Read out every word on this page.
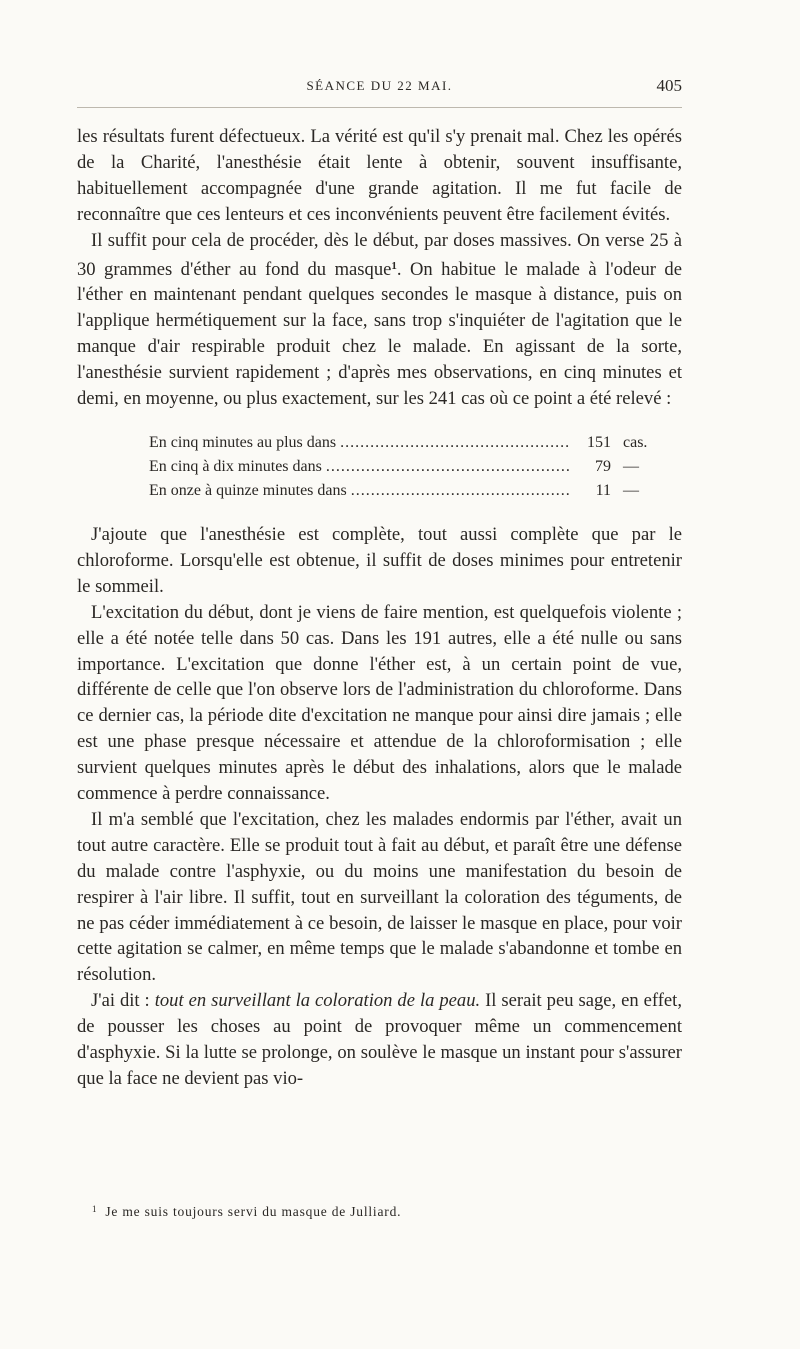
SÉANCE DU 22 MAI.	405

les résultats furent défectueux. La vérité est qu'il s'y prenait mal. Chez les opérés de la Charité, l'anesthésie était lente à obtenir, souvent insuffisante, habituellement accompagnée d'une grande agitation. Il me fut facile de reconnaître que ces lenteurs et ces inconvénients peuvent être facilement évités.

Il suffit pour cela de procéder, dès le début, par doses massives. On verse 25 à 30 grammes d'éther au fond du masque$^1$. On habitue le malade à l'odeur de l'éther en maintenant pendant quelques secondes le masque à distance, puis on l'applique hermétiquement sur la face, sans trop s'inquiéter de l'agitation que le manque d'air respirable produit chez le malade. En agissant de la sorte, l'anesthésie survient rapidement ; d'après mes observations, en cinq minutes et demi, en moyenne, ou plus exactement, sur les 241 cas où ce point a été relevé :

En cinq minutes au plus dans .....	151 cas.
En cinq à dix minutes dans .....	79 —
En onze à quinze minutes dans .....	11 —

J'ajoute que l'anesthésie est complète, tout aussi complète que par le chloroforme. Lorsqu'elle est obtenue, il suffit de doses minimes pour entretenir le sommeil.

L'excitation du début, dont je viens de faire mention, est quelquefois violente ; elle a été notée telle dans 50 cas. Dans les 191 autres, elle a été nulle ou sans importance. L'excitation que donne l'éther est, à un certain point de vue, différente de celle que l'on observe lors de l'administration du chloroforme. Dans ce dernier cas, la période dite d'excitation ne manque pour ainsi dire jamais ; elle est une phase presque nécessaire et attendue de la chloroformisation ; elle survient quelques minutes après le début des inhalations, alors que le malade commence à perdre connaissance.

Il m'a semblé que l'excitation, chez les malades endormis par l'éther, avait un tout autre caractère. Elle se produit tout à fait au début, et paraît être une défense du malade contre l'asphyxie, ou du moins une manifestation du besoin de respirer à l'air libre. Il suffit, tout en surveillant la coloration des téguments, de ne pas céder immédiatement à ce besoin, de laisser le masque en place, pour voir cette agitation se calmer, en même temps que le malade s'abandonne et tombe en résolution.

J'ai dit : tout en surveillant la coloration de la peau. Il serait peu sage, en effet, de pousser les choses au point de provoquer même un commencement d'asphyxie. Si la lutte se prolonge, on soulève le masque un instant pour s'assurer que la face ne devient pas vio-

$^1$ Je me suis toujours servi du masque de Julliard.
